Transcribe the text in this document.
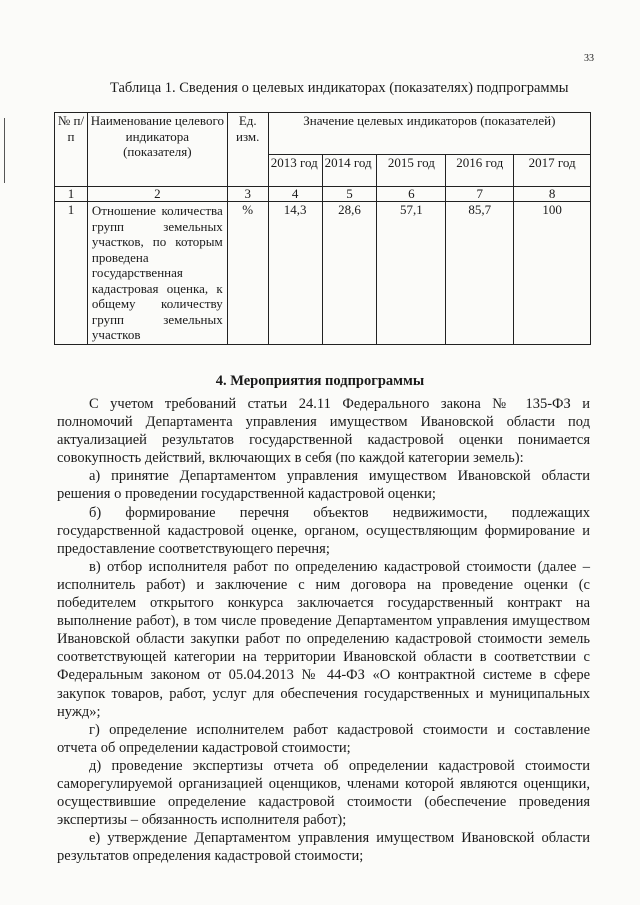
33
Таблица 1. Сведения о целевых индикаторах (показателях) подпрограммы
№ п/п	Наименование целевого индикатора (показателя)	Ед. изм.	Значение целевых индикаторов (показателей)				
			2013 год	2014 год	2015 год	2016 год	2017 год
1	2	3	4	5	6	7	8
1	Отношение количества групп земельных участков, по которым проведена государственная кадастровая оценка, к общему количеству групп земельных участков	%	14,3	28,6	57,1	85,7	100
4. Мероприятия подпрограммы

С учетом требований статьи 24.11 Федерального закона № 135-ФЗ и полномочий Департамента управления имуществом Ивановской области под актуализацией результатов государственной кадастровой оценки понимается совокупность действий, включающих в себя (по каждой категории земель):

а) принятие Департаментом управления имуществом Ивановской области решения о проведении государственной кадастровой оценки;

б) формирование перечня объектов недвижимости, подлежащих государственной кадастровой оценке, органом, осуществляющим формирование и предоставление соответствующего перечня;

в) отбор исполнителя работ по определению кадастровой стоимости (далее – исполнитель работ) и заключение с ним договора на проведение оценки (с победителем открытого конкурса заключается государственный контракт на выполнение работ), в том числе проведение Департаментом управления имуществом Ивановской области закупки работ по определению кадастровой стоимости земель соответствующей категории на территории Ивановской области в соответствии с Федеральным законом от 05.04.2013 № 44-ФЗ «О контрактной системе в сфере закупок товаров, работ, услуг для обеспечения государственных и муниципальных нужд»;

г) определение исполнителем работ кадастровой стоимости и составление отчета об определении кадастровой стоимости;

д) проведение экспертизы отчета об определении кадастровой стоимости саморегулируемой организацией оценщиков, членами которой являются оценщики, осуществившие определение кадастровой стоимости (обеспечение проведения экспертизы – обязанность исполнителя работ);

е) утверждение Департаментом управления имуществом Ивановской области результатов определения кадастровой стоимости;
